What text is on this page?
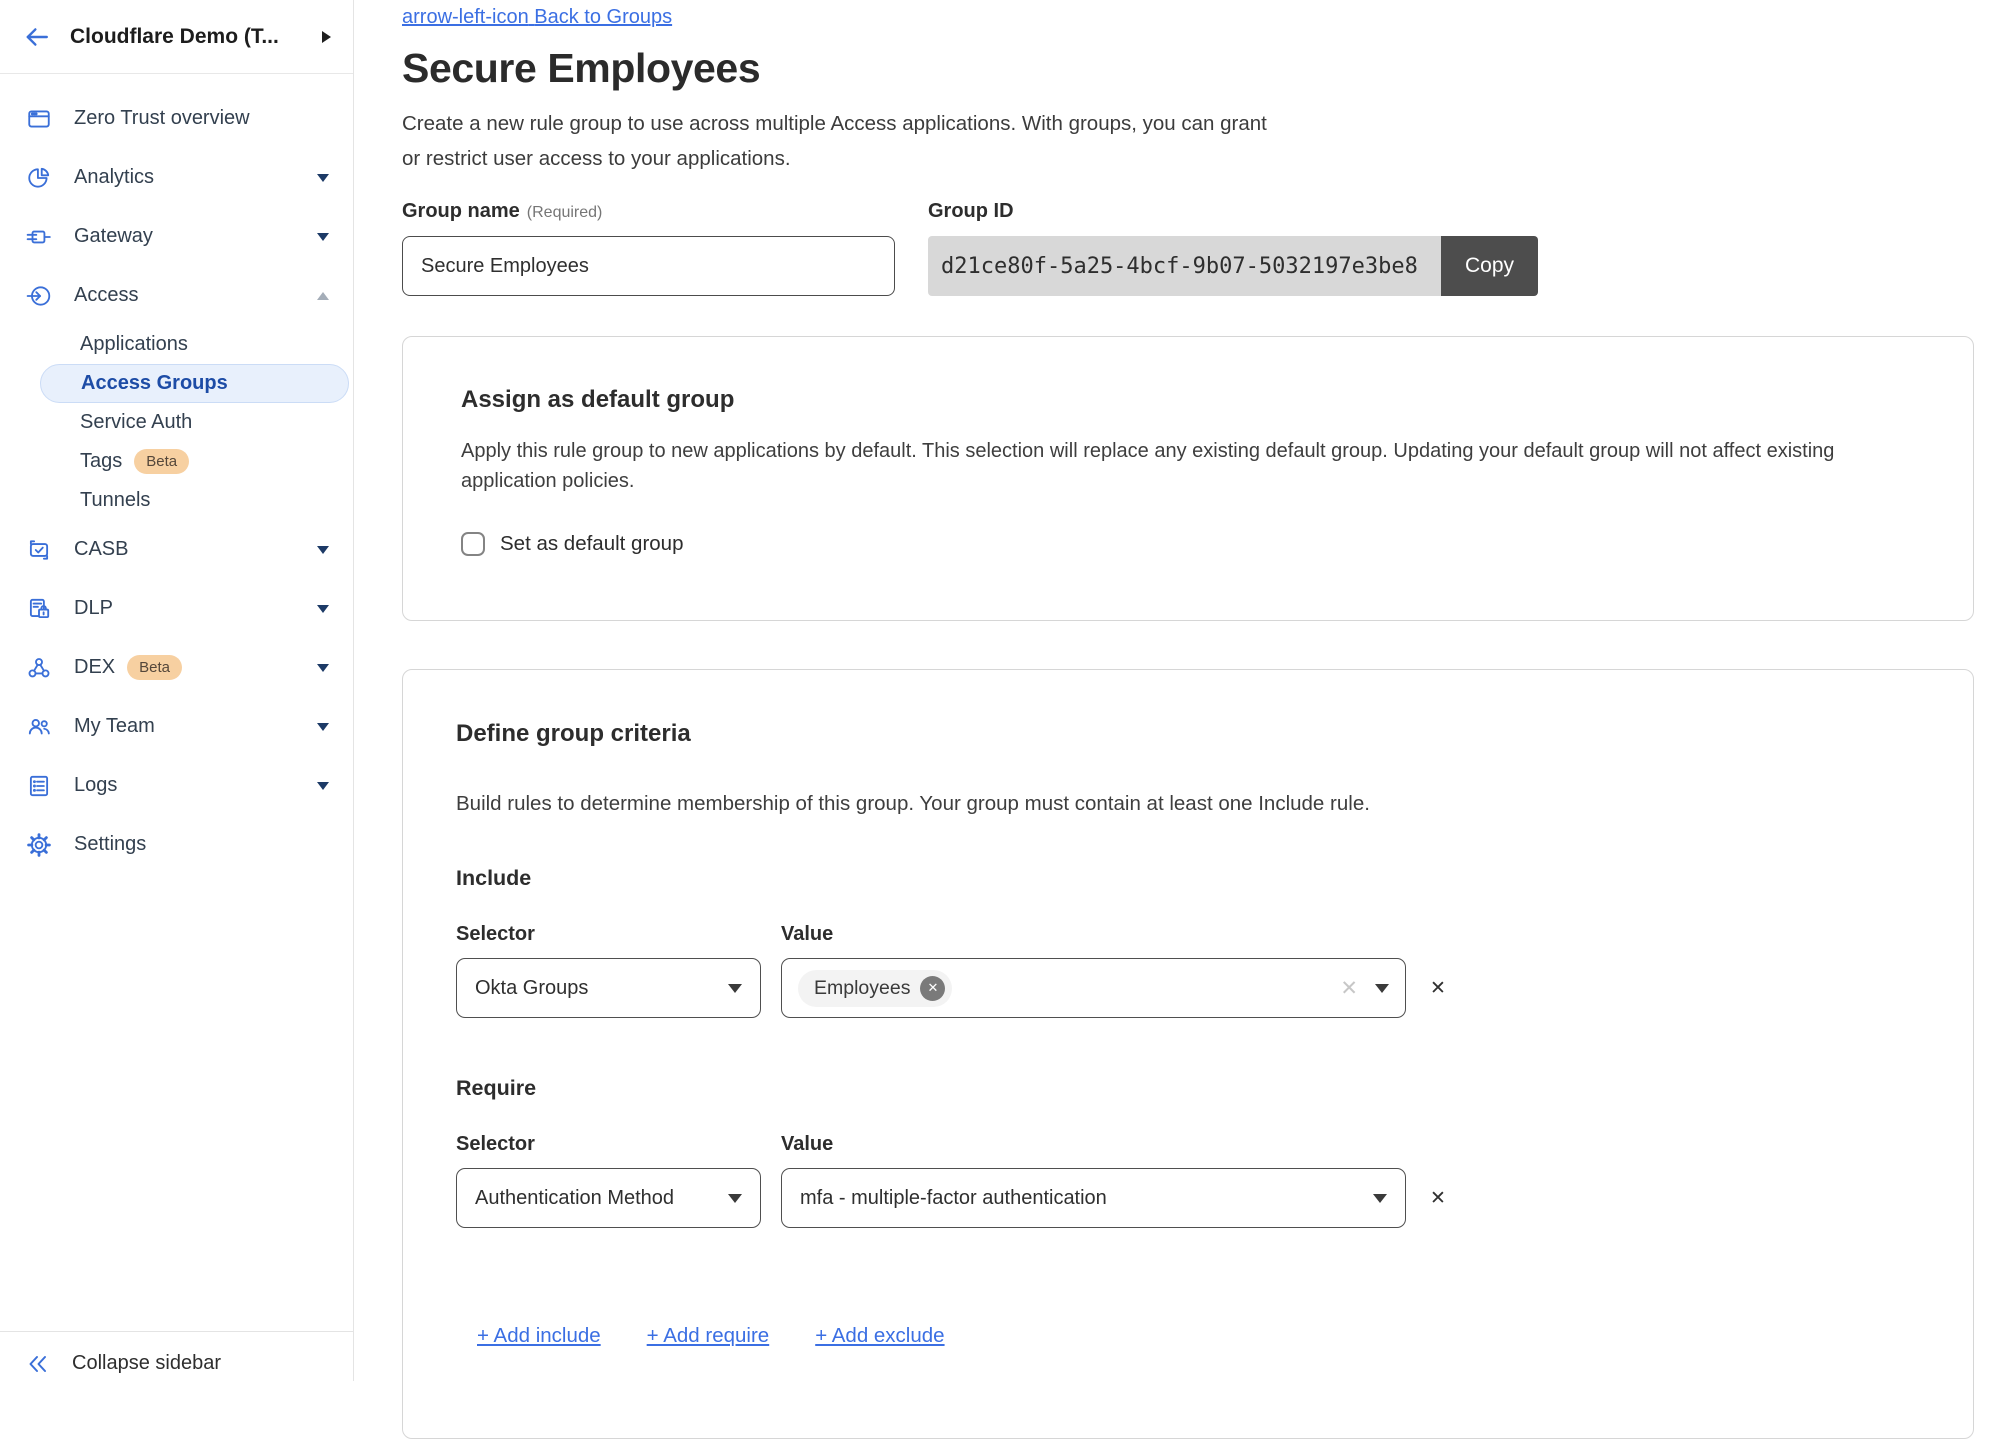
Cloudflare Demo (T...
Zero Trust overview
Analytics
Gateway
Access
Applications
Access Groups
Service Auth
Tags	Beta
Tunnels
CASB
DLP
DEX	Beta
My Team
Logs
Settings
Collapse sidebar
arrow-left-icon Back to Groups
Secure Employees
Create a new rule group to use across multiple Access applications. With groups, you can grant
or restrict user access to your applications.
Group name (Required)
Secure Employees	Group ID
d21ce80f-5a25-4bcf-9b07-5032197e3be8	Copy
Assign as default group
Apply this rule group to new applications by default. This selection will replace any existing default group. Updating your default group will not affect existing
application policies.
Set as default group
Define group criteria
Build rules to determine membership of this group. Your group must contain at least one Include rule.
Include
Selector	Value
Okta Groups	Employees	✕	✕	✕
Require
Selector	Value
Authentication Method	mfa - multiple-factor authentication	✕
+ Add include + Add require + Add exclude
